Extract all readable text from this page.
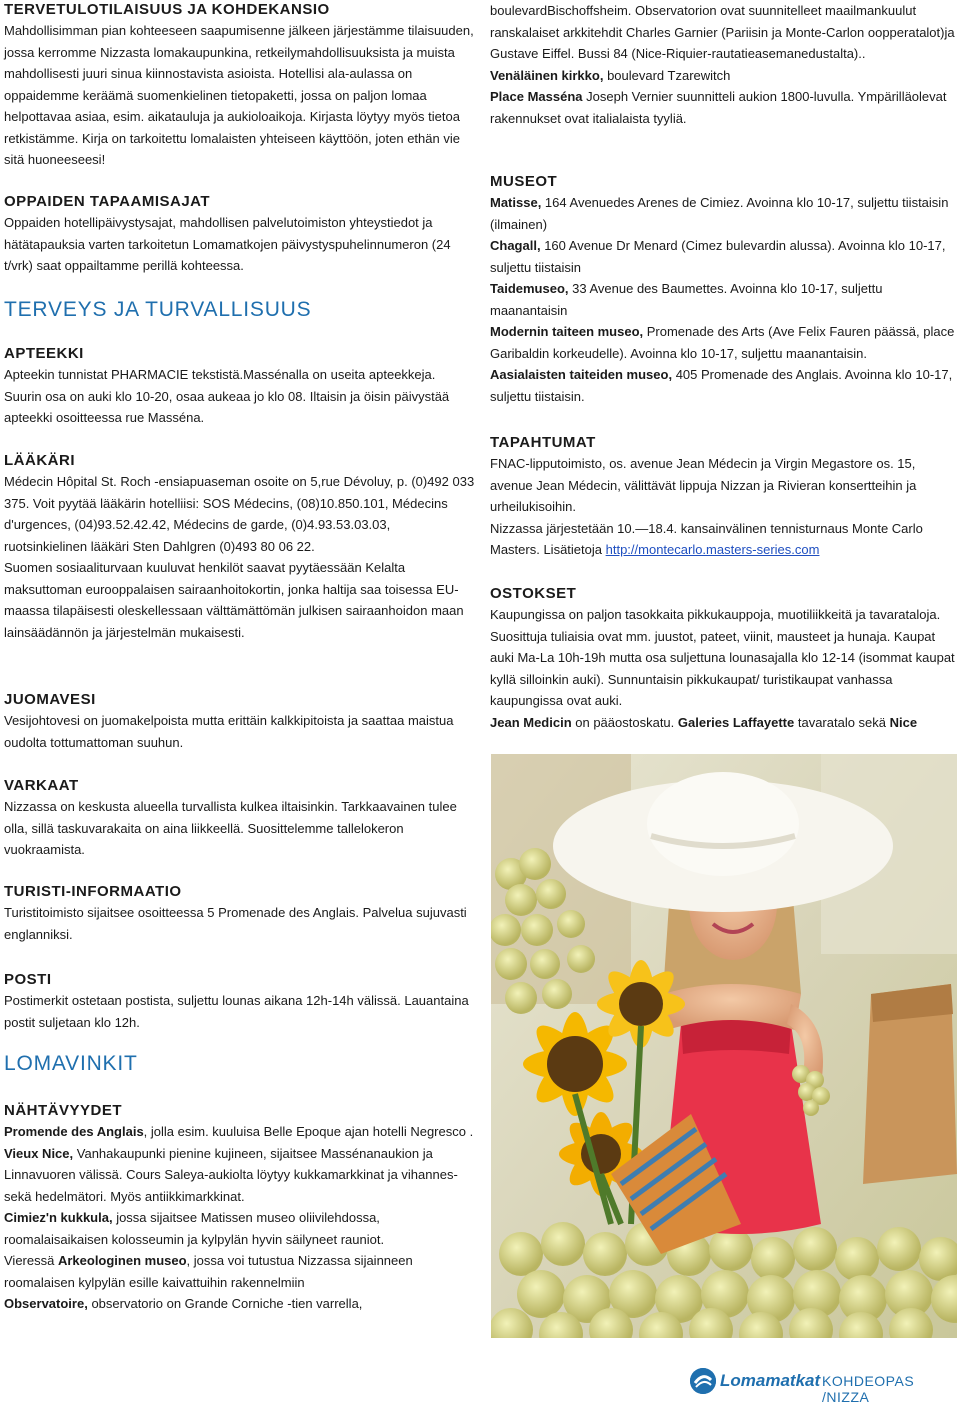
TERVETULOTILAISUUS JA KOHDEKANSIO

Mahdollisimman pian kohteeseen saapumisenne jälkeen järjestämme tilaisuuden, jossa kerromme Nizzasta lomakaupunkina, retkeilymahdollisuuksista ja muista mahdollisesti juuri sinua kiinnostavista asioista. Hotellisi ala-aulassa on oppaidemme keräämä suomenkielinen tietopaketti, jossa on paljon lomaa helpottavaa asiaa, esim. aikatauluja ja aukioloaikoja. Kirjasta löytyy myös tietoa retkistämme. Kirja on tarkoitettu lomalaisten yhteiseen käyttöön, joten ethän vie sitä huoneeseesi!

OPPAIDEN TAPAAMISAJAT

Oppaiden hotellipäivystysajat, mahdollisen palvelutoimiston yhteystiedot ja hätätapauksia varten tarkoitetun Lomamatkojen päivystyspuhelinnumeron (24 t/vrk) saat oppailtamme perillä kohteessa.

TERVEYS JA TURVALLISUUS
APTEEKKI

Apteekin tunnistat PHARMACIE tekstistä.Massénalla on useita apteekkeja. Suurin osa on auki klo 10-20, osaa aukeaa jo klo 08. Iltaisin ja öisin päivystää apteekki osoitteessa rue Masséna.

LÄÄKÄRI

Médecin Hôpital St. Roch -ensiapuaseman osoite on 5,rue Dévoluy, p. (0)492 033 375. Voit pyytää lääkärin hotelliisi: SOS Médecins, (08)10.850.101, Médecins d'urgences, (04)93.52.42.42, Médecins de garde, (0)4.93.53.03.03, ruotsinkielinen lääkäri Sten Dahlgren (0)493 80 06 22.

Suomen sosiaaliturvaan kuuluvat henkilöt saavat pyytäessään Kelalta maksuttoman eurooppalaisen sairaanhoitokortin, jonka haltija saa toisessa EU-maassa tilapäisesti oleskellessaan välttämättömän julkisen sairaanhoidon maan lainsäädännön ja järjestelmän mukaisesti.

JUOMAVESI

Vesijohtovesi on juomakelpoista mutta erittäin kalkkipitoista ja saattaa maistua oudolta tottumattoman suuhun.

VARKAAT

Nizzassa on keskusta alueella turvallista kulkea iltaisinkin. Tarkkaavainen tulee olla, sillä taskuvarakaita on aina liikkeellä. Suosittelemme tallelokeron vuokraamista.

TURISTI-INFORMAATIO

Turistitoimisto sijaitsee osoitteessa 5 Promenade des Anglais. Palvelua sujuvasti englanniksi.

POSTI

Postimerkit ostetaan postista, suljettu lounas aikana 12h-14h välissä. Lauantaina postit suljetaan klo 12h.

LOMAVINKIT
NÄHTÄVYYDET

Promende des Anglais, jolla esim. kuuluisa Belle Epoque ajan hotelli Negresco .

Vieux Nice, Vanhakaupunki pienine kujineen, sijaitsee Massénanaukion ja Linnavuoren välissä. Cours Saleya-aukiolta löytyy kukkamarkkinat ja vihannes- sekä hedelmätori. Myös antiikkimarkkinat.

Cimiez'n kukkula, jossa sijaitsee Matissen museo oliivilehdossa, roomalaisaikaisen kolosseumin ja kylpylän hyvin säilyneet rauniot.

Vieressä Arkeologinen museo, jossa voi tutustua Nizzassa sijainneen roomalaisen kylpylän esille kaivattuihin rakennelmiin

Observatoire, observatorio on Grande Corniche -tien varrella,

boulevardBischoffsheim. Observatorion ovat suunnitelleet maailmankuulut ranskalaiset arkkitehdit Charles Garnier (Pariisin ja Monte-Carlon oopperatalot)ja Gustave Eiffel. Bussi 84 (Nice-Riquier-rautatieasemanedustalta)..

Venäläinen kirkko, boulevard Tzarewitch

Place Masséna Joseph Vernier suunnitteli aukion 1800-luvulla. Ympärilläolevat rakennukset ovat italialaista tyyliä.

MUSEOT

Matisse, 164 Avenuedes Arenes de Cimiez. Avoinna klo 10-17, suljettu tiistaisin (ilmainen)

Chagall, 160 Avenue Dr Menard (Cimez bulevardin alussa). Avoinna klo 10-17, suljettu tiistaisin

Taidemuseo, 33 Avenue des Baumettes. Avoinna klo 10-17, suljettu maanantaisin

Modernin taiteen museo, Promenade des Arts (Ave Felix Fauren päässä, place Garibaldin korkeudelle). Avoinna klo 10-17, suljettu maanantaisin.

Aasialaisten taiteiden museo, 405 Promenade des Anglais. Avoinna klo 10-17, suljettu tiistaisin.

TAPAHTUMAT

FNAC-lipputoimisto, os. avenue Jean Médecin ja Virgin Megastore os. 15, avenue Jean Médecin, välittävät lippuja Nizzan ja Rivieran konsertteihin ja urheilukisoihin.

Nizzassa järjestetään 10.—18.4. kansainvälinen tennisturnaus Monte Carlo Masters. Lisätietoja http://montecarlo.masters-series.com

OSTOKSET

Kaupungissa on paljon tasokkaita pikkukauppoja, muotiliikkeitä ja tavarataloja. Suosittuja tuliaisia ovat mm. juustot, pateet, viinit, mausteet ja hunaja. Kaupat auki Ma-La 10h-19h mutta osa suljettuna lounasajalla klo 12-14 (isommat kaupat kyllä silloinkin auki). Sunnuntaisin pikkukaupat/ turistikaupat vanhassa kaupungissa ovat auki.

Jean Medicin on pääostoskatu. Galeries Laffayette tavaratalo sekä Nice

Lomamatkat KOHDEOPAS /NIZZA
